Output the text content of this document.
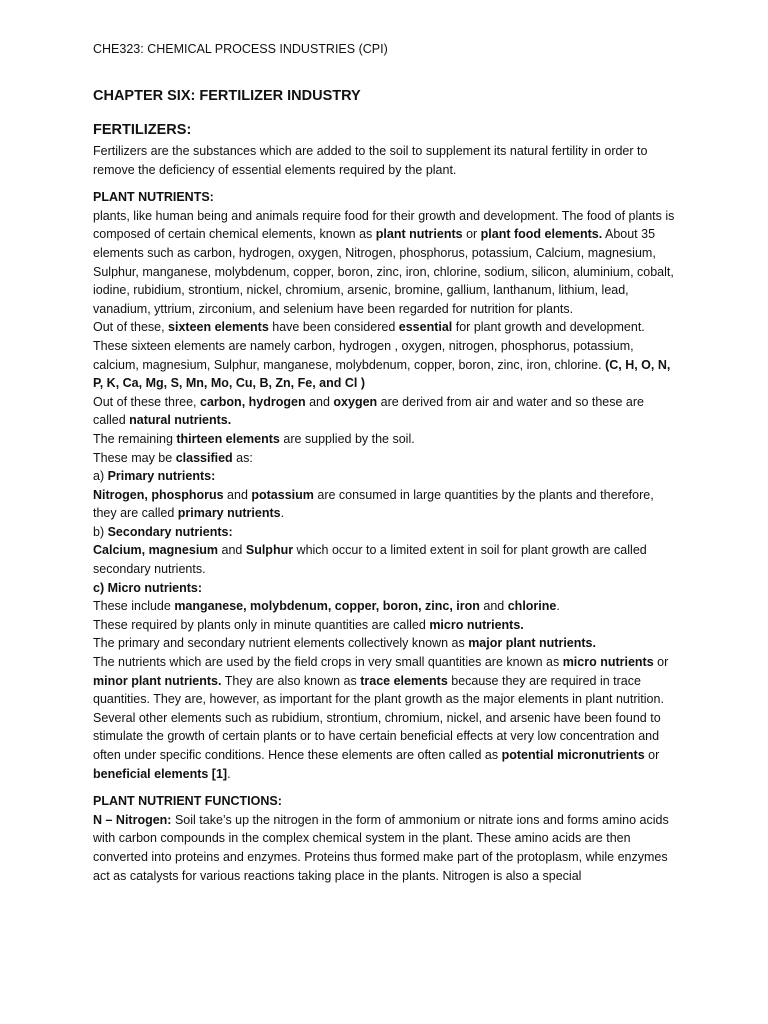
CHE323: CHEMICAL PROCESS INDUSTRIES (CPI)
CHAPTER SIX: FERTILIZER INDUSTRY
FERTILIZERS:

Fertilizers are the substances which are added to the soil to supplement its natural fertility in order to remove the deficiency of essential elements required by the plant.

PLANT NUTRIENTS:

plants, like human being and animals require food for their growth and development. The food of plants is composed of certain chemical elements, known as plant nutrients or plant food elements. About 35 elements such as carbon, hydrogen, oxygen, Nitrogen, phosphorus, potassium, Calcium, magnesium, Sulphur, manganese, molybdenum, copper, boron, zinc, iron, chlorine, sodium, silicon, aluminium, cobalt, iodine, rubidium, strontium, nickel, chromium, arsenic, bromine, gallium, lanthanum, lithium, lead, vanadium, yttrium, zirconium, and selenium have been regarded for nutrition for plants.

Out of these, sixteen elements have been considered essential for plant growth and development. These sixteen elements are namely carbon, hydrogen , oxygen, nitrogen, phosphorus, potassium, calcium, magnesium, Sulphur, manganese, molybdenum, copper, boron, zinc, iron, chlorine. (C, H, O, N, P, K, Ca, Mg, S, Mn, Mo, Cu, B, Zn, Fe, and Cl )

Out of these three, carbon, hydrogen and oxygen are derived from air and water and so these are called natural nutrients.

The remaining thirteen elements are supplied by the soil.

These may be classified as:

a) Primary nutrients:

Nitrogen, phosphorus and potassium are consumed in large quantities by the plants and therefore, they are called primary nutrients.

b) Secondary nutrients:

Calcium, magnesium and Sulphur which occur to a limited extent in soil for plant growth are called secondary nutrients.

c) Micro nutrients:

These include manganese, molybdenum, copper, boron, zinc, iron and chlorine.

These required by plants only in minute quantities are called micro nutrients.

The primary and secondary nutrient elements collectively known as major plant nutrients.

The nutrients which are used by the field crops in very small quantities are known as micro nutrients or minor plant nutrients. They are also known as trace elements because they are required in trace quantities. They are, however, as important for the plant growth as the major elements in plant nutrition. Several other elements such as rubidium, strontium, chromium, nickel, and arsenic have been found to stimulate the growth of certain plants or to have certain beneficial effects at very low concentration and often under specific conditions. Hence these elements are often called as potential micronutrients or beneficial elements [1].

PLANT NUTRIENT FUNCTIONS:

N – Nitrogen: Soil take’s up the nitrogen in the form of ammonium or nitrate ions and forms amino acids with carbon compounds in the complex chemical system in the plant. These amino acids are then converted into proteins and enzymes. Proteins thus formed make part of the protoplasm, while enzymes act as catalysts for various reactions taking place in the plants. Nitrogen is also a special
